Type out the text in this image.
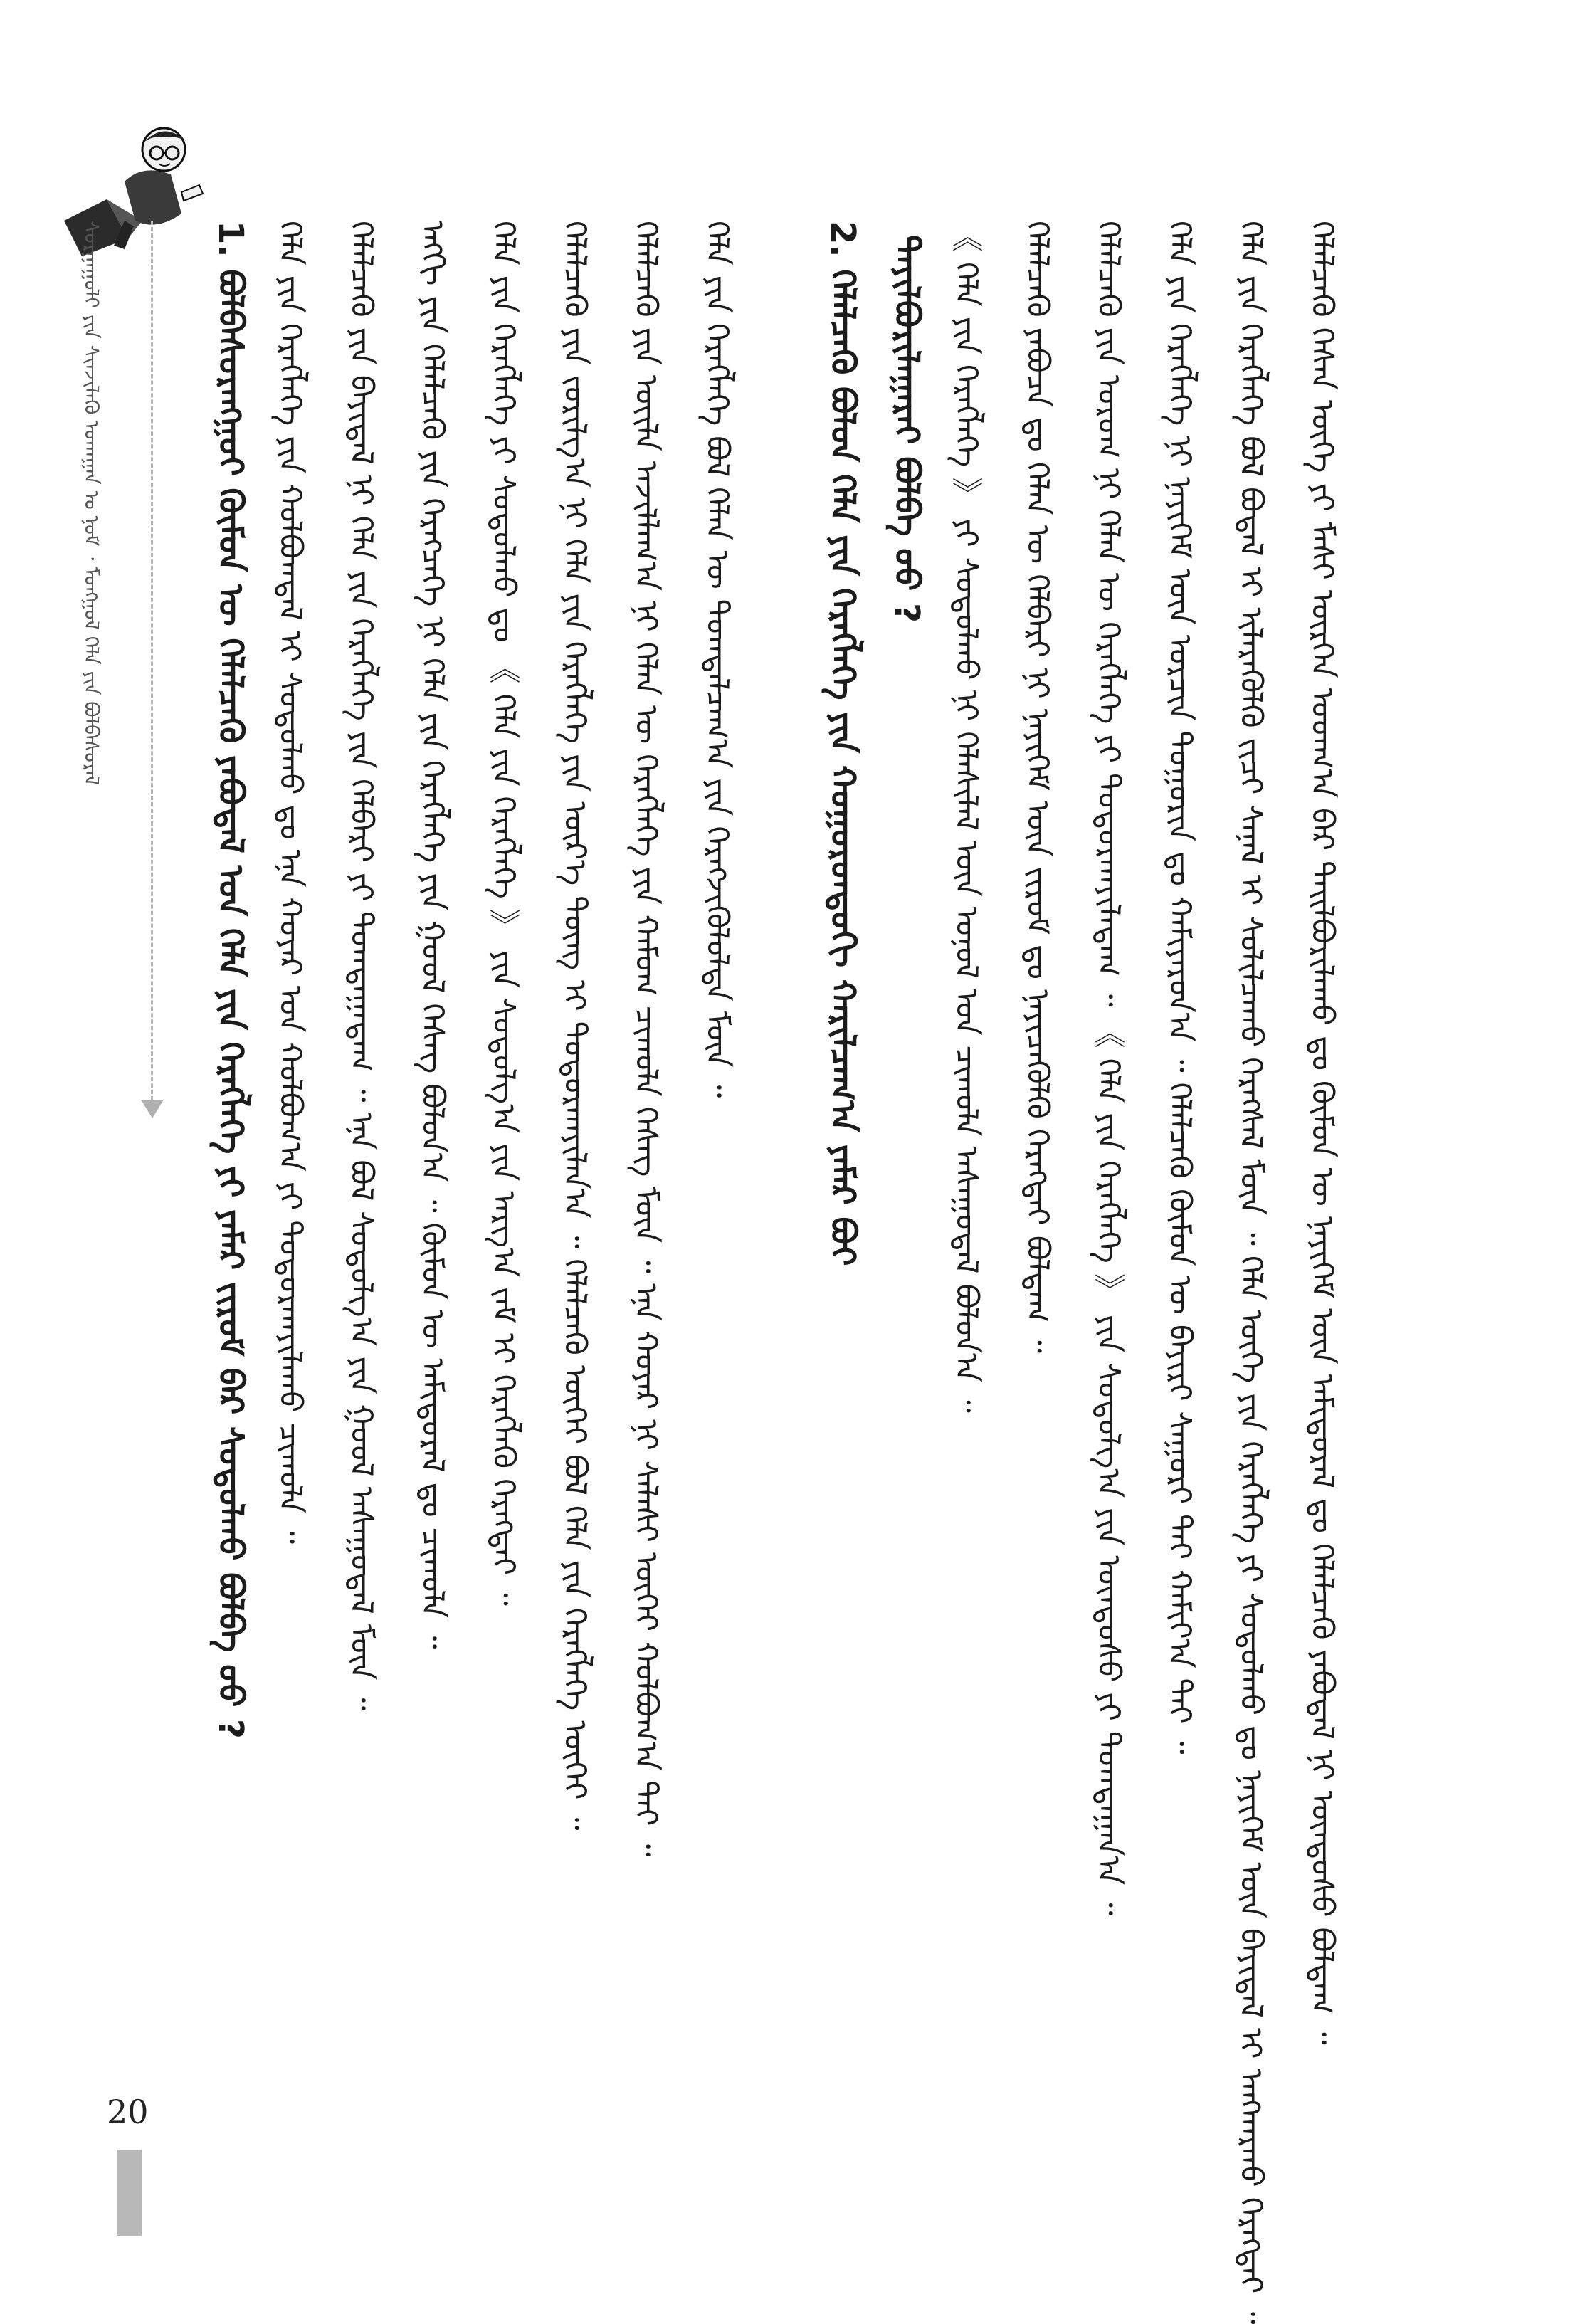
ᠰᠤᠷᠭᠠᠭᠤᠯᠢ ᠶᠢᠨ ᠰᠢᠨᠵᠢᠯᠡᠬᠦ ᠤᠬᠠᠭᠠᠨ ᠤ ᠨᠣᠮ ᠂ ᠮᠣᠩᠭᠣᠯ ᠬᠡᠯᠡ ᠶᠢᠨ ᠪᠣᠯᠪᠠᠰᠤᠷᠠᠯ	1. ᠪᠣᠯᠪᠠᠰᠤᠷᠠᠩᠭᠤᠢ ᠬᠦᠮᠦᠨ ᠦ ᠬᠡᠯᠡᠯᠴᠡᠬᠦ ᠶᠠᠪᠤᠳᠠᠯ ᠤᠨ ᠬᠡᠯᠡ ᠶᠢᠨ ᠬᠡᠷᠡᠭᠯᠡᠭᠡ ᠶᠢ ᠶᠠᠮᠠᠷ ᠵᠢᠷᠤᠮ ᠪᠠᠷ ᠰᠤᠳᠤᠯᠬᠤ ᠪᠣᠯᠪᠠ ᠤᠤ ? ᠬᠡᠯᠡ ᠶᠢᠨ ᠬᠡᠷᠡᠭᠯᠡᠭᠡ ᠶᠢᠨ ᠬᠣᠯᠪᠣᠭᠳᠠᠯ ᠢ ᠰᠣᠳᠤᠯᠬᠤ ᠳᠤ ᠡᠨᠡ ᠬᠣᠶᠠᠷ ᠤᠨ ᠬᠣᠯᠪᠣᠭ᠎ᠠ ᠶᠢ ᠲᠣᠳᠣᠷᠬᠠᠶᠢᠯᠠᠬᠤ ᠴᠢᠬᠤᠯᠠ ᠃ ᠬᠡᠯᠡᠯᠴᠡᠬᠦ ᠶᠢᠨ ᠪᠠᠶᠢᠳᠠᠯ ᠨᠢ ᠬᠡᠯᠡ ᠶᠢᠨ ᠬᠡᠷᠡᠭᠯᠡᠭᠡ ᠶᠢᠨ ᠬᠡᠯᠪᠡᠷᠢ ᠶᠢ ᠲᠣᠭᠲᠠᠭᠠᠳᠠᠭ ᠃ ᠡᠨᠡ ᠪᠣᠯ ᠰᠤᠳᠤᠯᠭ᠎ᠠ ᠶᠢᠨ ᠭᠣᠣᠯ ᠠᠰᠠᠭᠤᠳᠠᠯ ᠮᠥᠨ ᠃ ᠡᠩᠭᠢ ᠶᠢᠨ ᠬᠡᠯᠡᠯᠴᠡᠬᠦ ᠶᠢᠨ ᠬᠡᠷᠡᠭᠴᠡᠭᠡ ᠨᠢ ᠬᠡᠯᠡ ᠶᠢᠨ ᠬᠡᠷᠡᠭᠯᠡᠭᠡ ᠶᠢᠨ ᠭᠣᠣᠯ ᠬᠡᠰᠡᠭ ᠪᠣᠯᠤᠨ᠎ᠠ ᠃ ᠬᠦᠮᠦᠨ ᠦ ᠠᠮᠢᠳᠤᠷᠠᠯ ᠳᠤ ᠴᠢᠬᠤᠯᠠ ᠃ ᠬᠡᠯᠡ ᠶᠢᠨ ᠬᠡᠷᠡᠭᠯᠡᠭᠡ ᠶᠢ ᠰᠤᠳᠤᠯᠬᠤ ᠳᠤ 《 ᠬᠡᠯᠡ ᠶᠢᠨ ᠬᠡᠷᠡᠭᠯᠡᠭᠡ 》 ᠶᠢᠨ ᠰᠤᠳᠤᠯᠭ᠎ᠠ ᠶᠢᠨ ᠠᠷᠭ᠎ᠠ ᠵᠠᠮ ᠢ ᠬᠡᠷᠡᠭᠯᠡᠬᠦ ᠬᠡᠷᠡᠭᠲᠡᠢ ᠃ ᠬᠡᠯᠡᠯᠴᠡᠬᠦ ᠶᠢᠨ ᠵᠣᠷᠢᠯᠭ᠎ᠠ ᠨᠢ ᠬᠡᠯᠡ ᠶᠢᠨ ᠬᠡᠷᠡᠭᠯᠡᠭᠡ ᠶᠢᠨ ᠦᠷ᠎ᠡ ᠳᠦᠩ ᠢ ᠲᠣᠳᠣᠷᠬᠠᠶᠢᠯᠠᠨ᠎ᠠ ᠃ ᠬᠡᠯᠡᠯᠴᠡᠬᠦ ᠦᠭᠡᠢ ᠪᠣᠯ ᠬᠡᠯᠡ ᠶᠢᠨ ᠬᠡᠷᠡᠭᠯᠡᠭᠡ ᠦᠭᠡᠢ ᠃ ᠬᠡᠯᠡᠯᠴᠡᠬᠦ ᠶᠢᠨ ᠦᠢᠯᠡ ᠠᠵᠢᠯᠯᠠᠭ᠎ᠠ ᠨᠢ ᠬᠡᠯᠡᠨ ᠦ ᠬᠡᠷᠡᠭᠯᠡᠭᠡ ᠶᠢᠨ ᠬᠠᠮᠤᠭ ᠴᠢᠬᠤᠯᠠ ᠬᠡᠰᠡᠭ ᠮᠥᠨ ᠃ ᠡᠨᠡ ᠬᠣᠶᠠᠷ ᠨᠢ ᠰᠠᠯᠠᠰᠢ ᠦᠭᠡᠢ ᠬᠣᠯᠪᠤᠭ᠎ᠠ ᠲᠠᠢ ᠃ ᠬᠡᠯᠡ ᠶᠢᠨ ᠬᠡᠷᠡᠭᠯᠡᠭᠡ ᠪᠣᠯ ᠬᠡᠯᠡᠨ ᠦ ᠲᠣᠭᠲᠠᠯᠴᠠᠭ᠎ᠠ ᠶᠢᠨ ᠬᠡᠷᠡᠭᠵᠢᠭᠦᠯᠦᠯᠲᠡ ᠮᠥᠨ ᠃	2. ᠬᠡᠯᠡᠯᠴᠡᠬᠦ ᠪᠣᠯᠤᠨ ᠬᠡᠯᠡ ᠶᠢᠨ ᠬᠡᠷᠡᠭᠯᠡᠭᠡ ᠶᠢᠨ ᠬᠣᠭᠣᠷᠣᠨᠳᠣᠬᠢ ᠬᠠᠷᠢᠯᠴᠠᠭ᠎ᠠ ᠶᠠᠮᠠᠷ ᠪᠤᠢ ᠲᠠᠶᠢᠯᠪᠤᠷᠢᠯᠠᠭᠠᠷᠠᠢ ᠪᠣᠯᠪᠠ ᠤᠤ ? 《 ᠬᠡᠯᠡ ᠶᠢᠨ ᠬᠡᠷᠡᠭᠯᠡᠭᠡ 》 ᠶᠢ ᠰᠤᠳᠤᠯᠬᠤ ᠨᠢ ᠬᠡᠯᠡᠰᠢᠯᠡᠯ ᠦᠨ ᠣᠨᠣᠯ ᠤᠨ ᠴᠢᠬᠤᠯᠠ ᠠᠰᠠᠭᠤᠳᠠᠯ ᠪᠣᠯᠤᠨ᠎ᠠ ᠃ ᠬᠡᠯᠡᠯᠴᠡᠬᠦ ᠶᠠᠪᠤᠴᠠ ᠳᠤ ᠬᠡᠯᠡᠨ ᠦ ᠬᠡᠯᠪᠡᠷᠢ ᠨᠢ ᠨᠡᠶᠢᠭᠡᠮ ᠦᠨ ᠵᠢᠷᠤᠮ ᠳᠤ ᠨᠡᠶᠢᠴᠡᠭᠦᠯᠬᠦ ᠬᠡᠷᠡᠭᠲᠡᠢ ᠪᠣᠯᠳᠠᠭ ᠃ ᠬᠡᠯᠡᠯᠴᠡᠬᠦ ᠶᠢᠨ ᠤᠷᠤᠭ ᠨᠢ ᠬᠡᠯᠡᠨ ᠦ ᠬᠡᠷᠡᠭᠯᠡᠭᠡ ᠶᠢ ᠲᠣᠳᠣᠷᠬᠠᠶᠢᠯᠠᠳᠠᠭ ᠃ 《 ᠬᠡᠯᠡ ᠶᠢᠨ ᠬᠡᠷᠡᠭᠯᠡᠭᠡ 》 ᠶᠢᠨ ᠰᠤᠳᠤᠯᠭ᠎ᠠ ᠶᠢᠨ ᠦᠨᠳᠦᠰᠦ ᠶᠢ ᠲᠣᠭᠲᠠᠭᠠᠨ᠎ᠠ ᠃ ᠬᠡᠯᠡ ᠶᠢᠨ ᠬᠡᠷᠡᠭᠯᠡᠭᠡ ᠨᠢ ᠨᠡᠶᠢᠭᠡᠮ ᠦᠨ ᠣᠷᠴᠢᠨ ᠲᠣᠭᠣᠷᠢᠨ ᠳᠤ ᠬᠠᠮᠢᠶᠠᠷᠤᠨ᠎ᠠ ᠃ ᠬᠡᠯᠡᠯᠴᠡᠬᠦ ᠬᠦᠮᠦᠨ ᠦ ᠪᠠᠶᠢᠷᠢ ᠰᠠᠭᠤᠷᠢ ᠲᠠᠢ ᠬᠠᠮᠢᠶ᠎ᠠ ᠲᠠᠢ ᠃ ᠬᠡᠯᠡ ᠶᠢᠨ ᠬᠡᠷᠡᠭᠯᠡᠭᠡ ᠪᠣᠯ ᠪᠣᠳᠠᠯ ᠢ ᠢᠯᠡᠷᠡᠭᠦᠯᠬᠦ ᠵᠢᠴᠢ ᠰᠠᠨᠠᠯ ᠢ ᠰᠣᠯᠢᠯᠴᠠᠬᠤ ᠬᠡᠷᠡᠭᠰᠡᠯ ᠮᠥᠨ ᠃ ᠬᠡᠯᠡ ᠦᠭᠡ ᠶᠢᠨ ᠬᠡᠷᠡᠭᠯᠡᠭᠡ ᠶᠢ ᠰᠤᠳᠤᠯᠬᠤ ᠳᠤ ᠨᠡᠶᠢᠭᠡᠮ ᠦᠨ ᠪᠠᠶᠢᠳᠠᠯ ᠢ ᠠᠩᠬᠠᠷᠬᠤ ᠬᠡᠷᠡᠭᠲᠡᠢ ᠃ ᠬᠡᠯᠡᠯᠴᠡᠬᠦ ᠭᠡᠰᠡᠨ ᠦᠭᠡ ᠶᠢ ᠮᠠᠰᠢ ᠥᠷᠭᠡᠨ ᠤᠳᠬ᠎ᠠ ᠪᠠᠷ ᠲᠠᠢᠯᠪᠤᠷᠢᠯᠠᠬᠤ ᠳᠤ ᠬᠦᠮᠦᠨ ᠦ ᠨᠡᠶᠢᠭᠡᠮ ᠦᠨ ᠠᠮᠢᠳᠤᠷᠠᠯ ᠳᠤ ᠬᠡᠯᠡᠯᠴᠡᠬᠦ ᠶᠠᠪᠤᠳᠠᠯ ᠨᠢ ᠦᠨᠳᠦᠰᠦ ᠪᠣᠯᠳᠠᠭ ᠃
20
